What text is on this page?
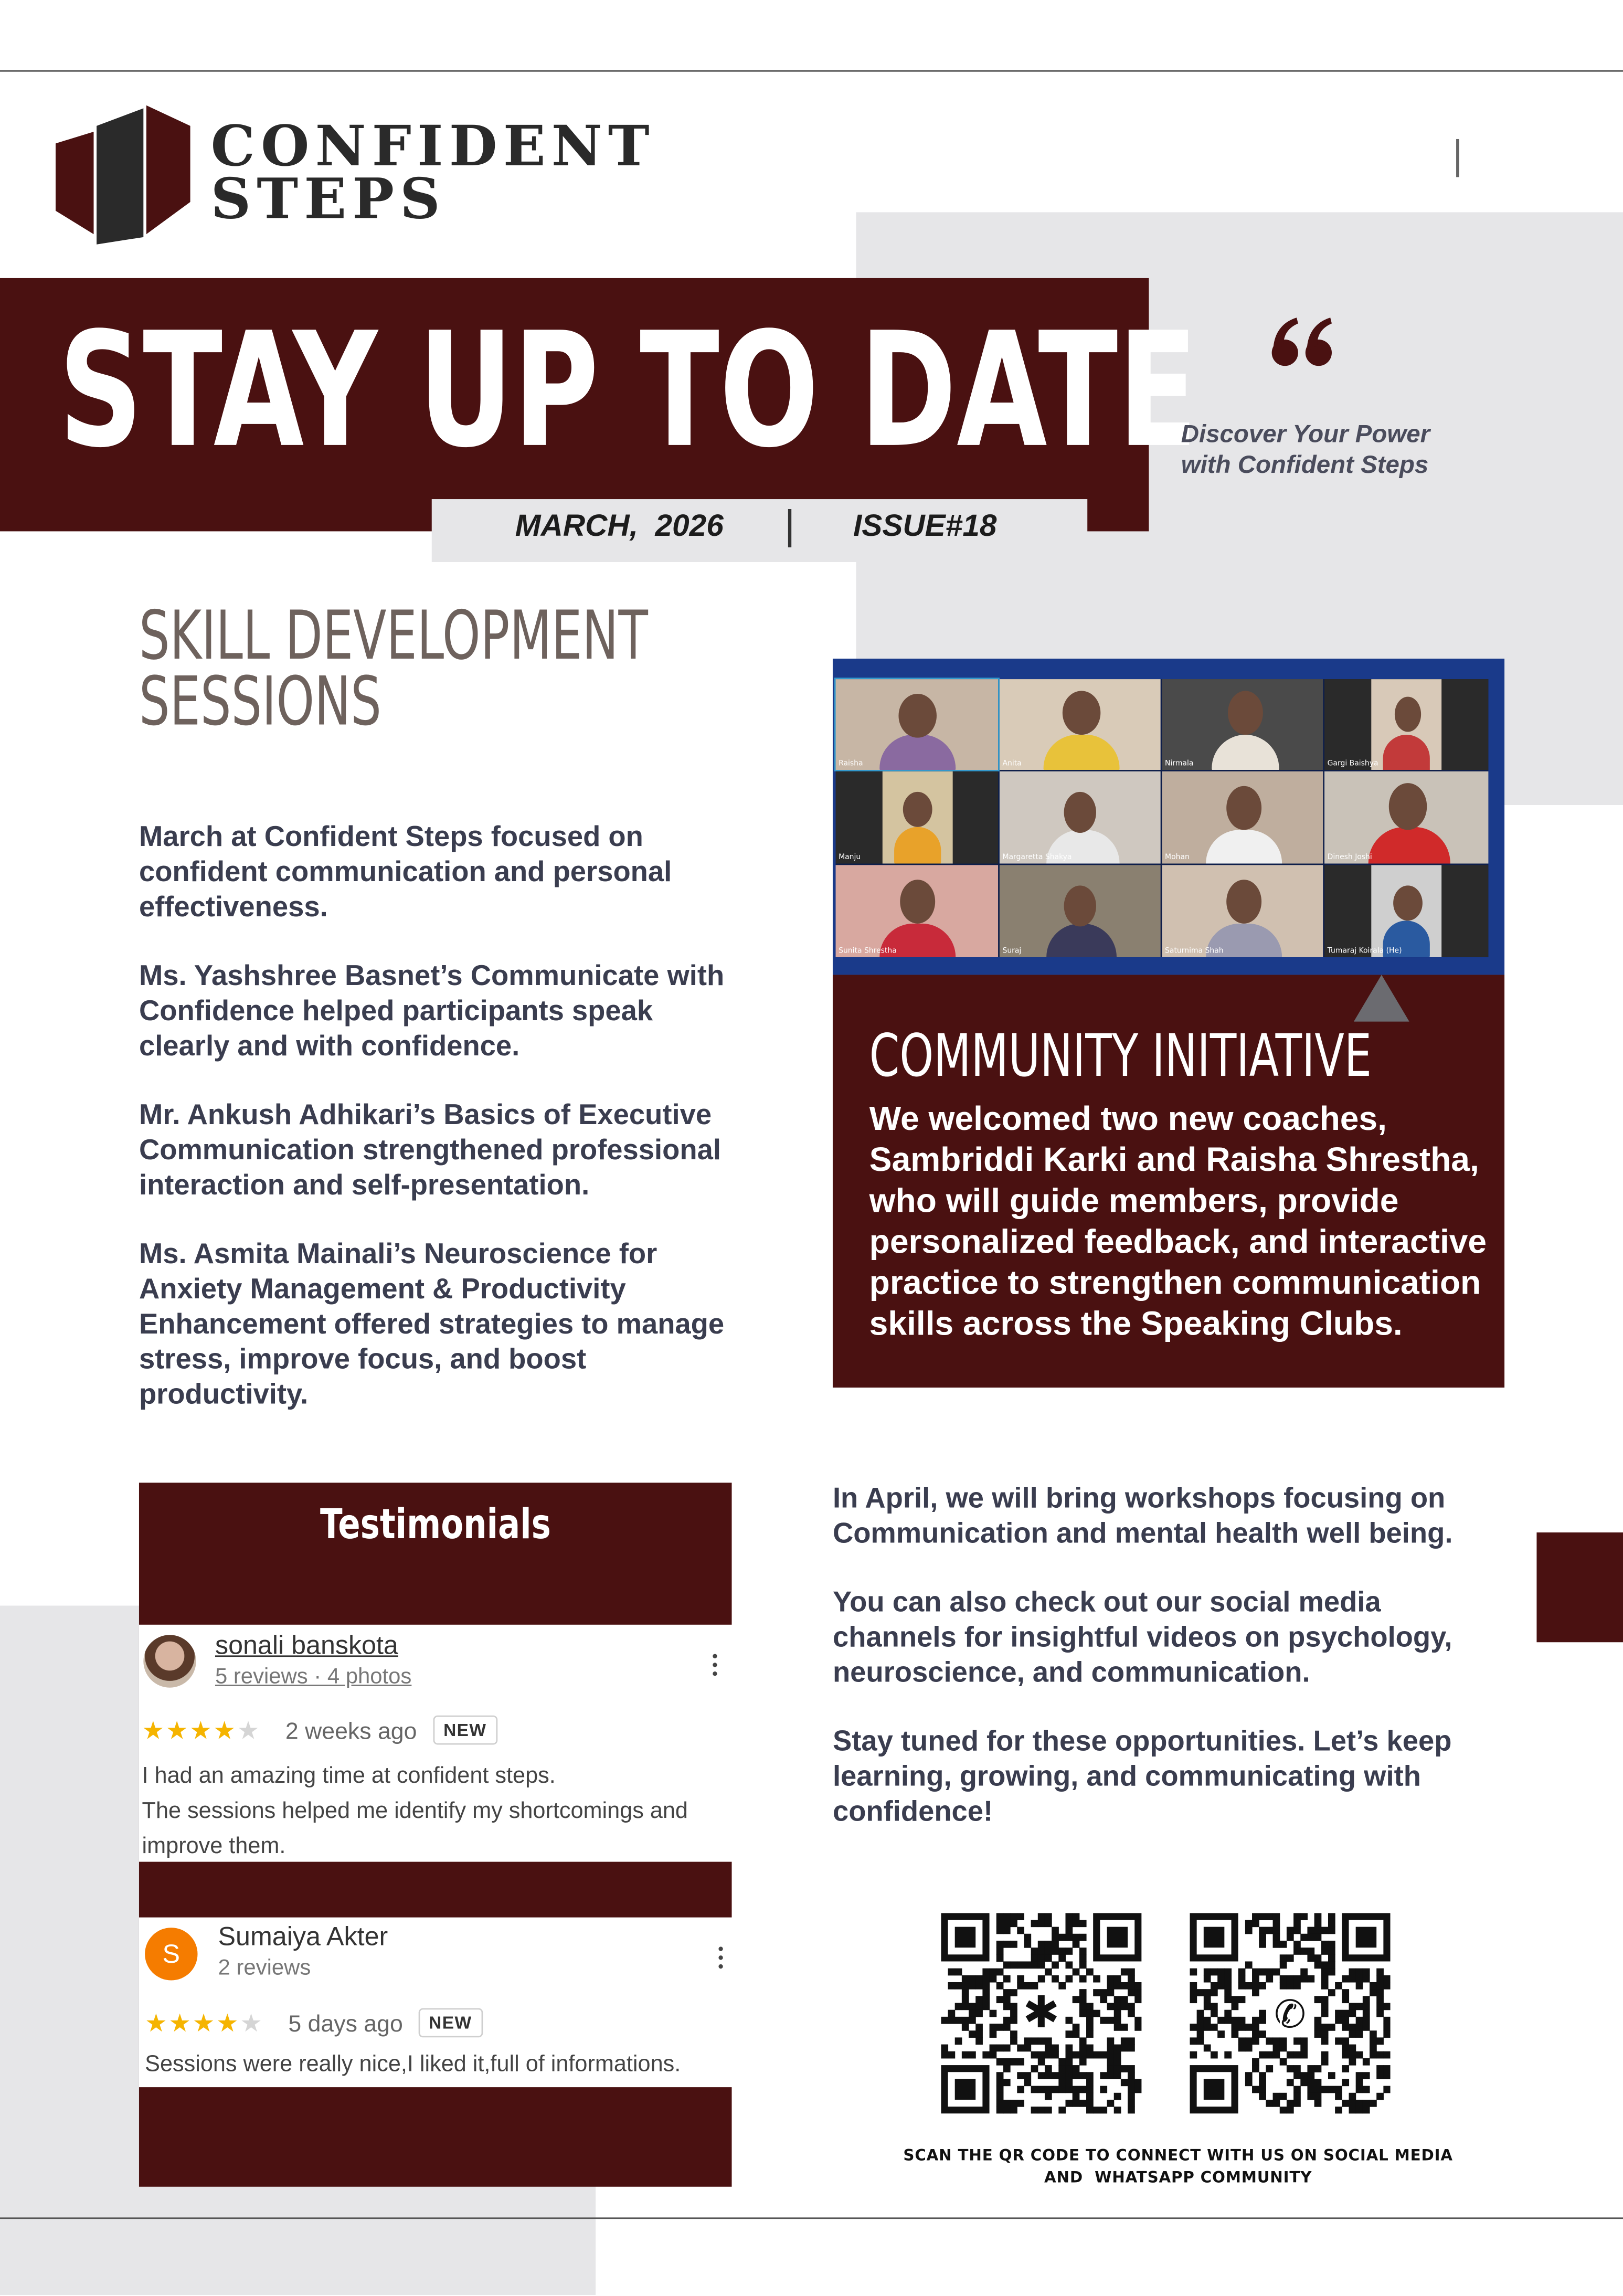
CONFIDENT
STEPS
STAY UP TO DATE
MARCH,  2026	|	ISSUE#18
Discover Your Power
with Confident Steps
SKILL DEVELOPMENT
SESSIONS

March at Confident Steps focused on confident communication and personal effectiveness.

Ms. Yashshree Basnet’s Communicate with Confidence helped participants speak clearly and with confidence.

Mr. Ankush Adhikari’s Basics of Executive Communication strengthened professional interaction and self-presentation.

Ms. Asmita Mainali’s Neuroscience for Anxiety Management & Productivity Enhancement offered strategies to manage stress, improve focus, and boost productivity.

Raisha	Anita	Nirmala	Gargi Baishya
Manju	Margaretta Shakya	Mohan	Dinesh Joshi
Sunita Shrestha	Suraj	Saturnima Shah	Tumaraj Koirala (He)
COMMUNITY INITIATIVE
We welcomed two new coaches, Sambriddi Karki and Raisha Shrestha, who will guide members, provide personalized feedback, and interactive practice to strengthen communication skills across the Speaking Clubs.
Testimonials
sonali banskota
5 reviews · 4 photos
★★★★★	2 weeks ago	NEW
I had an amazing time at confident steps.
The sessions helped me identify my shortcomings and
improve them.
S
Sumaiya Akter
2 reviews
★★★★★	5 days ago	NEW
Sessions were really nice,I liked it,full of informations.

In April, we will bring workshops focusing on Communication and mental health well being.

You can also check out our social media channels for insightful videos on psychology, neuroscience, and communication.

Stay tuned for these opportunities. Let’s keep learning, growing, and communicating with confidence!

✱	✆
SCAN THE QR CODE TO CONNECT WITH US ON SOCIAL MEDIA
AND  WHATSAPP COMMUNITY
